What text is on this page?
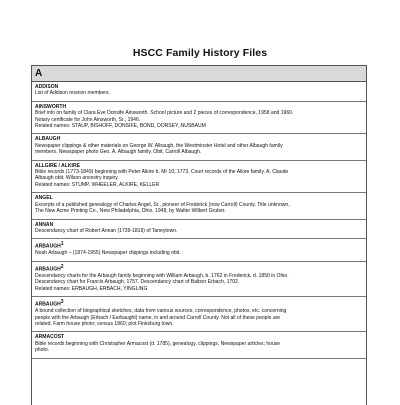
HSCC Family History Files
A
ADDISON
List of Addison reunion members.
AINSWORTH
Brief info on family of Clara Eve Donsife Ainsworth. School picture and 2 pieces of correspondence, 1958 and 1960.
Notary certificate for John Ainsworth, Sr., 1946.
Related names: STAUP, BISHOFF, DONSIFE, BOND, DORSEY, NUSBAUM
ALBAUGH
Newspaper clippings & other materials on George W. Albaugh, the Westminster Hotel and other Albaugh family
members. Newspaper photo Geo. A. Albaugh family. Obit, Carroll Albaugh.
ALLGIRE / ALKIRE
Bible records (1773-1849) beginning with Peter Alkire b. Mr 10, 1773. Court records of the Alkire family. A. Claude
Albaugh obit. Wilson ancestry inquiry.
Related names: STUMP, WHEELER, ALKIRE, KELLER
ANGEL
Excerpts of a published genealogy of Charles Angel, Sr., pioneer of Frederick (now Carroll) County. Title unknown,
The New Acme Printing Co., New Philadelphia, Ohio, 1948, by Walter Wilbert Gruber.
ANNAN
Descendancy chart of Robert Annan (1739-1819) of Taneytown.
ARBAUGH$^1$
Noah Arbaugh – (1874-1955) Newspaper clippings including obit.
ARBAUGH$^2$
Descendancy charts for the Arbaugh family beginning with William Arbaugh, b. 1762 in Frederick, d. 1850 in Ohio.
Descendancy chart for Francis Arbaugh, 1757. Descendancy chart of Baltzer Erbach, 1702.
Related names: ERBAUGH, ERBACH, YINGLING
ARBAUGH$^3$
A bound collection of biographical sketches, data from various sources, correspondence, photos, etc. concerning
people with the Arbaugh (Erbach / Earbaught) name, in and around Carroll County. Not all of these people are
related. Farm house photo; census 1860; plot Finksburg town.
ARMACOST
Bible records beginning with Christopher Armacost (d. 1785), genealogy, clippings. Newspaper articles; house
photo.
